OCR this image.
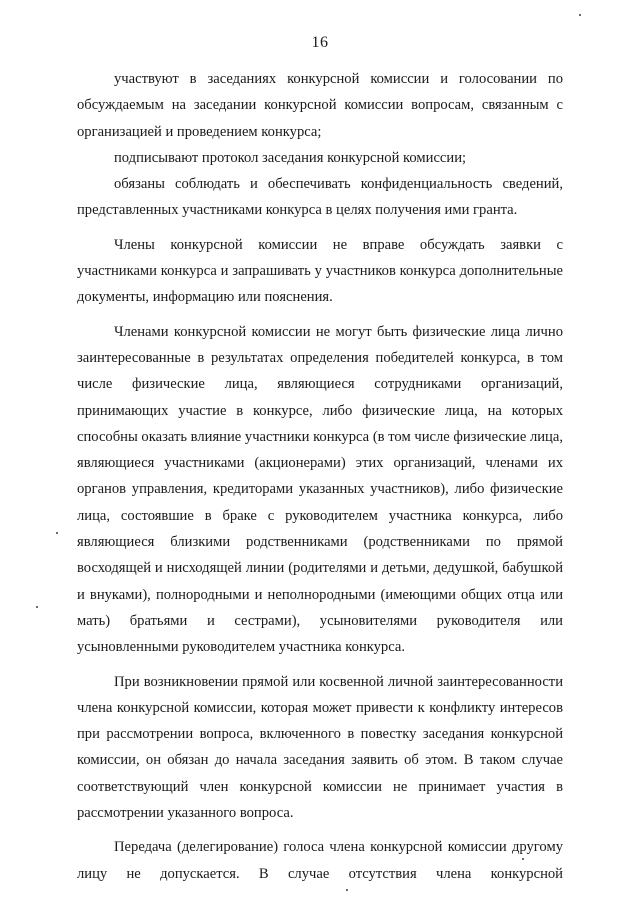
16

участвуют в заседаниях конкурсной комиссии и голосовании по обсуждаемым на заседании конкурсной комиссии вопросам, связанным с организацией и проведением конкурса;

подписывают протокол заседания конкурсной комиссии;

обязаны соблюдать и обеспечивать конфиденциальность сведений, представленных участниками конкурса в целях получения ими гранта.

Члены конкурсной комиссии не вправе обсуждать заявки с участниками конкурса и запрашивать у участников конкурса дополнительные документы, информацию или пояснения.

Членами конкурсной комиссии не могут быть физические лица лично заинтересованные в результатах определения победителей конкурса, в том числе физические лица, являющиеся сотрудниками организаций, принимающих участие в конкурсе, либо физические лица, на которых способны оказать влияние участники конкурса (в том числе физические лица, являющиеся участниками (акционерами) этих организаций, членами их органов управления, кредиторами указанных участников), либо физические лица, состоявшие в браке с руководителем участника конкурса, либо являющиеся близкими родственниками (родственниками по прямой восходящей и нисходящей линии (родителями и детьми, дедушкой, бабушкой и внуками), полнородными и неполнородными (имеющими общих отца или мать) братьями и сестрами), усыновителями руководителя или усыновленными руководителем участника конкурса.

При возникновении прямой или косвенной личной заинтересованности члена конкурсной комиссии, которая может привести к конфликту интересов при рассмотрении вопроса, включенного в повестку заседания конкурсной комиссии, он обязан до начала заседания заявить об этом. В таком случае соответствующий член конкурсной комиссии не принимает участия в рассмотрении указанного вопроса.

Передача (делегирование) голоса члена конкурсной комиссии другому лицу не допускается. В случае отсутствия члена конкурсной
